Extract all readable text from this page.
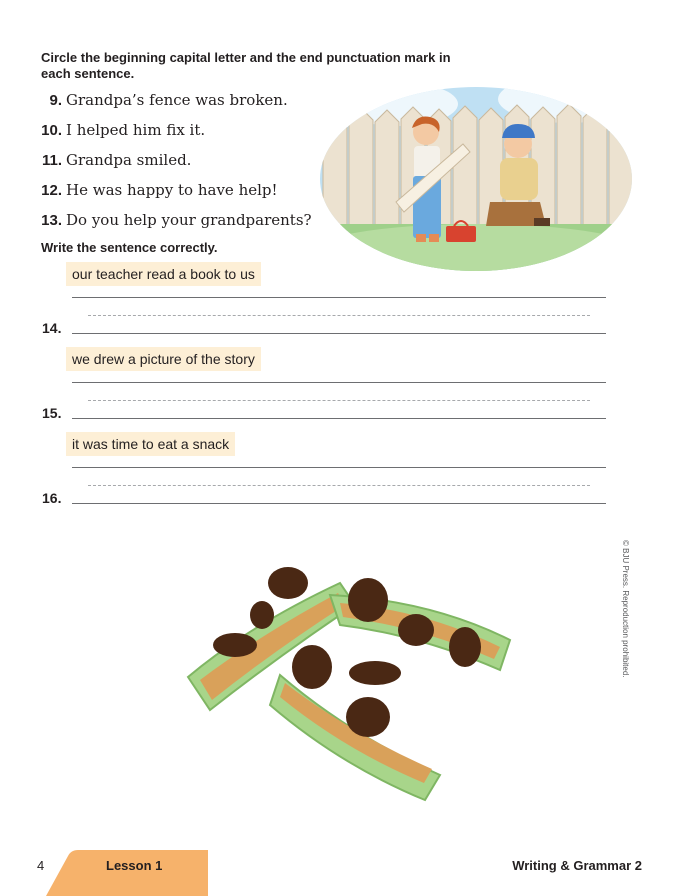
Circle the beginning capital letter and the end punctuation mark in each sentence.
9. Grandpa’s fence was broken.
10. I helped him fix it.
11. Grandpa smiled.
12. He was happy to have help!
13. Do you help your grandparents?
Write the sentence correctly.
our teacher read a book to us
14.
we drew a picture of the story
15.
it was time to eat a snack
16.
© BJU Press. Reproduction prohibited.
4	Lesson 1	Writing & Grammar 2
